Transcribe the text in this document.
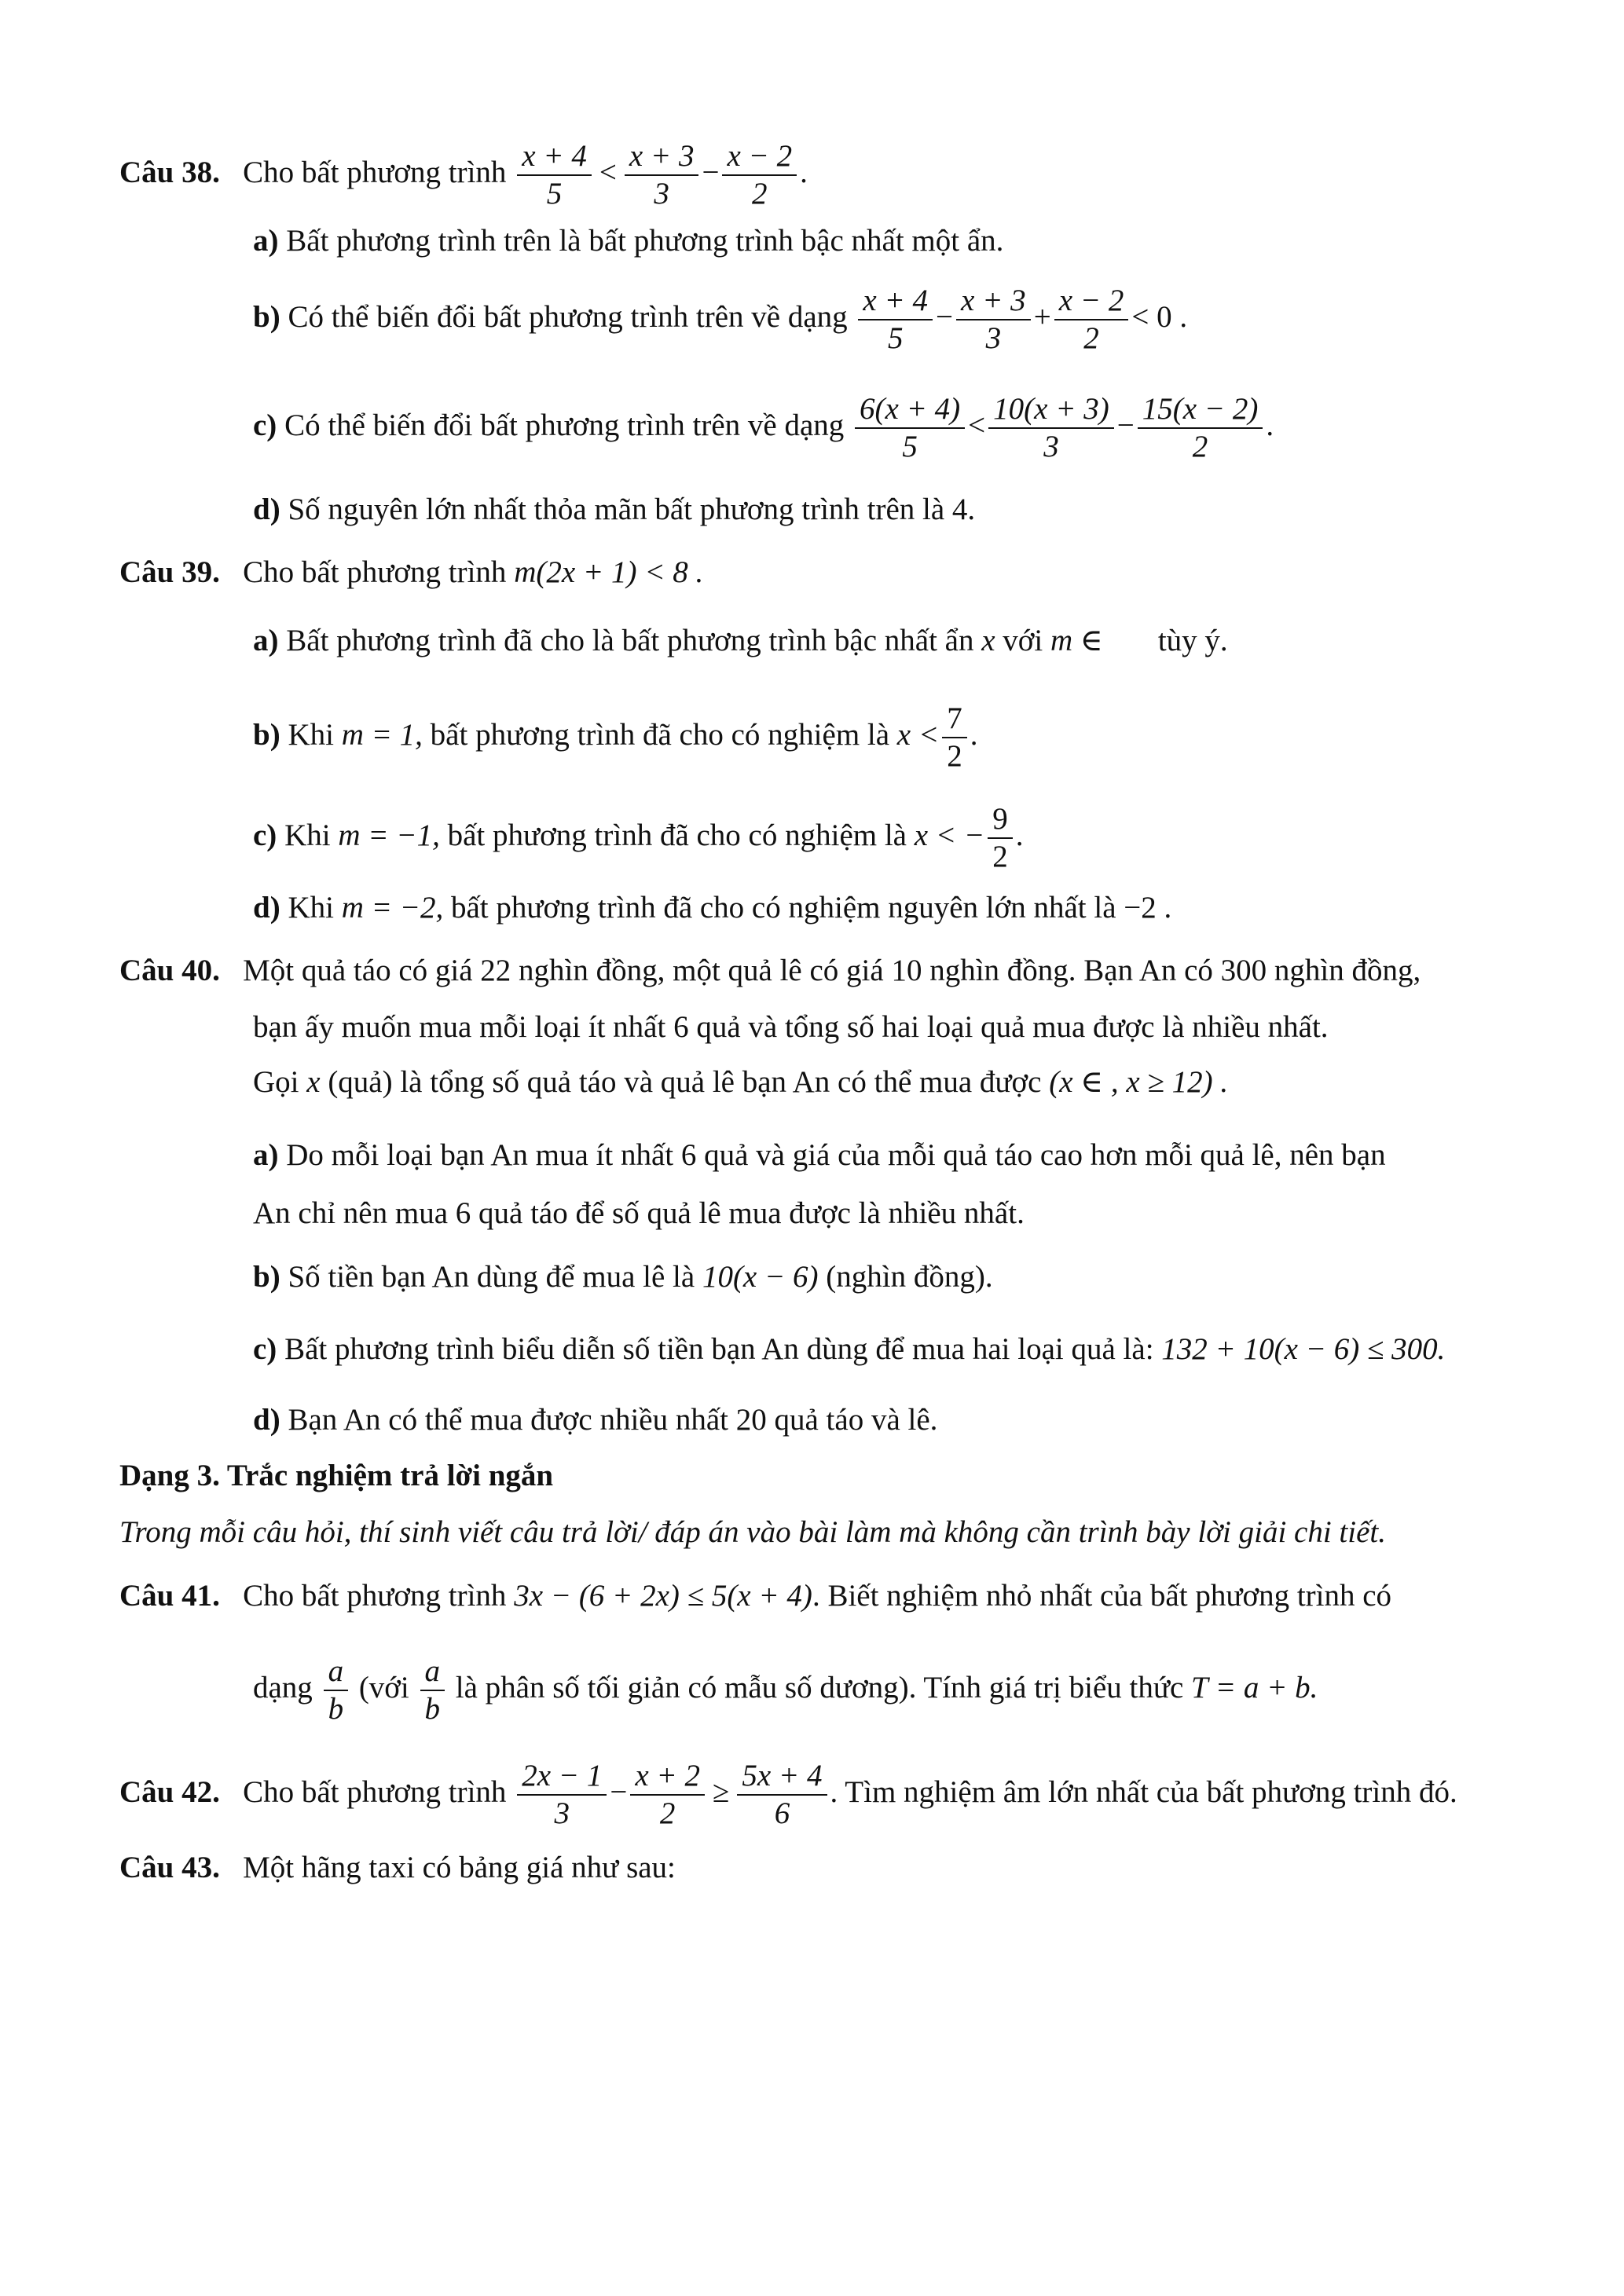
Câu 38. Cho bất phương trình $\frac{x + 4}{5} < \frac{x + 3}{3} - \frac{x - 2}{2}$ .
a) Bất phương trình trên là bất phương trình bậc nhất một ẩn.
b) Có thể biến đổi bất phương trình trên về dạng $\frac{x + 4}{5} - \frac{x + 3}{3} + \frac{x - 2}{2} < 0$ .
c) Có thể biến đổi bất phương trình trên về dạng $\frac{6(x + 4)}{5} < \frac{10(x + 3)}{3} - \frac{15(x - 2)}{2}$ .
d) Số nguyên lớn nhất thỏa mãn bất phương trình trên là 4.
Câu 39. Cho bất phương trình m(2x + 1) < 8 .
a) Bất phương trình đã cho là bất phương trình bậc nhất ẩn x với m ∈ tùy ý.
b) Khi m = 1, bất phương trình đã cho có nghiệm là $x < \frac{7}{2}$ .
c) Khi m = −1, bất phương trình đã cho có nghiệm là x < − $\frac{9}{2}$ .
d) Khi m = −2, bất phương trình đã cho có nghiệm nguyên lớn nhất là −2 .
Câu 40. Một quả táo có giá 22 nghìn đồng, một quả lê có giá 10 nghìn đồng. Bạn An có 300 nghìn đồng,
bạn ấy muốn mua mỗi loại ít nhất 6 quả và tổng số hai loại quả mua được là nhiều nhất.
Gọi x (quả) là tổng số quả táo và quả lê bạn An có thể mua được (x ∈ , x ≥ 12) .
a) Do mỗi loại bạn An mua ít nhất 6 quả và giá của mỗi quả táo cao hơn mỗi quả lê, nên bạn
An chỉ nên mua 6 quả táo để số quả lê mua được là nhiều nhất.
b) Số tiền bạn An dùng để mua lê là 10(x − 6) (nghìn đồng).
c) Bất phương trình biểu diễn số tiền bạn An dùng để mua hai loại quả là: 132 + 10(x − 6) ≤ 300.
d) Bạn An có thể mua được nhiều nhất 20 quả táo và lê.
Dạng 3. Trắc nghiệm trả lời ngắn
Trong mỗi câu hỏi, thí sinh viết câu trả lời/ đáp án vào bài làm mà không cần trình bày lời giải chi tiết.
Câu 41. Cho bất phương trình 3x − (6 + 2x) ≤ 5(x + 4). Biết nghiệm nhỏ nhất của bất phương trình có
dạng $\frac{a}{b}$ (với $\frac{a}{b}$ là phân số tối giản có mẫu số dương). Tính giá trị biểu thức T = a + b.
Câu 42. Cho bất phương trình $\frac{2x - 1}{3} - \frac{x + 2}{2} \ge \frac{5x + 4}{6}$ . Tìm nghiệm âm lớn nhất của bất phương trình đó.
Câu 43. Một hãng taxi có bảng giá như sau:
